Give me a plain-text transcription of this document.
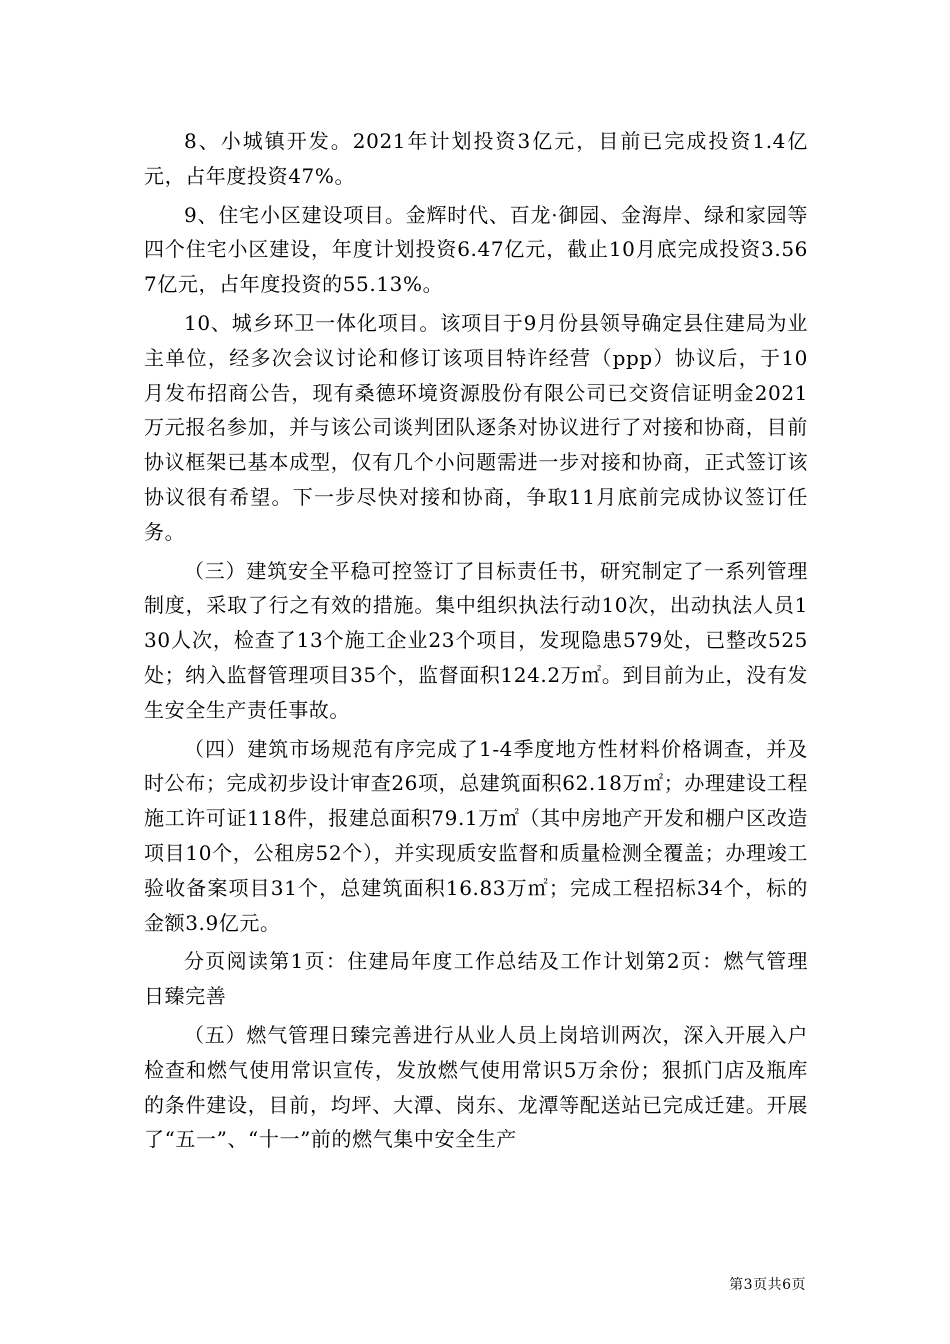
8、小城镇开发。2021年计划投资3亿元，目前已完成投资1.4亿元，占年度投资47%。

9、住宅小区建设项目。金辉时代、百龙·御园、金海岸、绿和家园等四个住宅小区建设，年度计划投资6.47亿元，截止10月底完成投资3.567亿元，占年度投资的55.13%。

10、城乡环卫一体化项目。该项目于9月份县领导确定县住建局为业主单位，经多次会议讨论和修订该项目特许经营（ppp）协议后，于10月发布招商公告，现有桑德环境资源股份有限公司已交资信证明金2021万元报名参加，并与该公司谈判团队逐条对协议进行了对接和协商，目前协议框架已基本成型，仅有几个小问题需进一步对接和协商，正式签订该协议很有希望。下一步尽快对接和协商，争取11月底前完成协议签订任务。

（三）建筑安全平稳可控签订了目标责任书，研究制定了一系列管理制度，采取了行之有效的措施。集中组织执法行动10次，出动执法人员130人次，检查了13个施工企业23个项目，发现隐患579处，已整改525处；纳入监督管理项目35个，监督面积124.2万㎡。到目前为止，没有发生安全生产责任事故。

（四）建筑市场规范有序完成了1-4季度地方性材料价格调查，并及时公布；完成初步设计审查26项，总建筑面积62.18万㎡；办理建设工程施工许可证118件，报建总面积79.1万㎡（其中房地产开发和棚户区改造项目10个，公租房52个），并实现质安监督和质量检测全覆盖；办理竣工验收备案项目31个，总建筑面积16.83万㎡；完成工程招标34个，标的金额3.9亿元。

分页阅读第1页：住建局年度工作总结及工作计划第2页：燃气管理日臻完善

（五）燃气管理日臻完善进行从业人员上岗培训两次，深入开展入户检查和燃气使用常识宣传，发放燃气使用常识5万余份；狠抓门店及瓶库的条件建设，目前，均坪、大潭、岗东、龙潭等配送站已完成迁建。开展了“五一”、“十一”前的燃气集中安全生产

第3页共6页
